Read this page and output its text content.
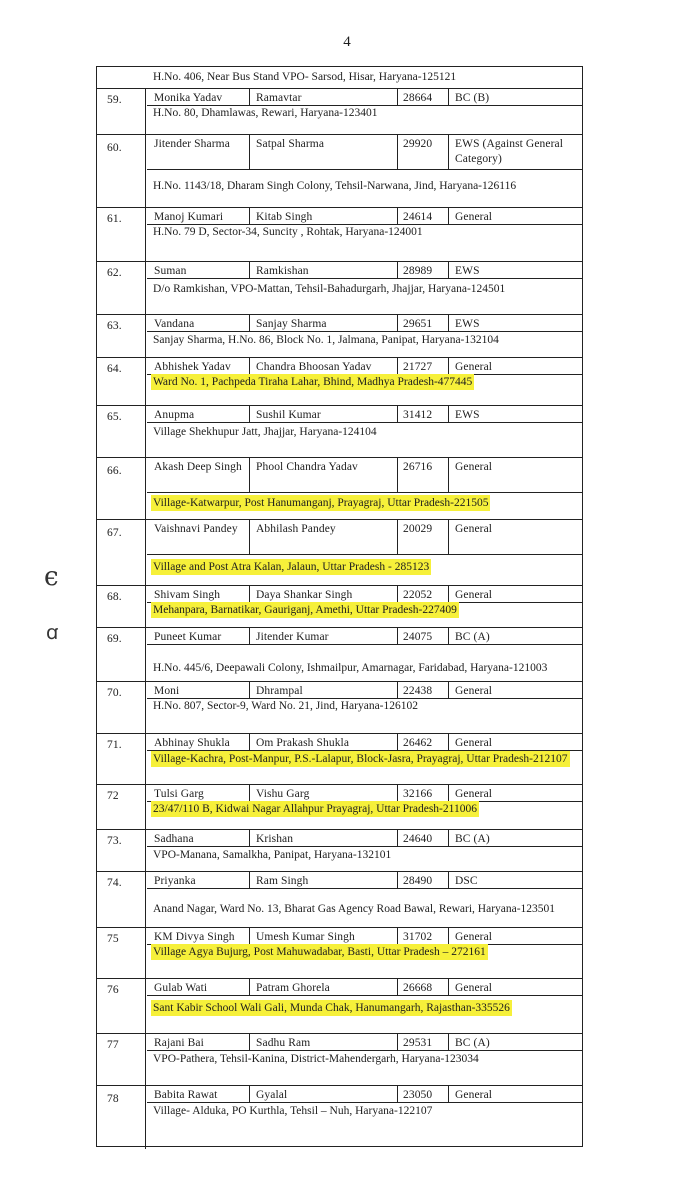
4
ϵ
ꭤ
H.No. 406, Near Bus Stand VPO- Sarsod, Hisar, Haryana-125121
59.	Monika Yadav	Ramavtar	28664 BC (B)
H.No. 80, Dhamlawas, Rewari, Haryana-123401
60.	Jitender Sharma	Satpal Sharma	29920 EWS (Against General Category)
H.No. 1143/18, Dharam Singh Colony, Tehsil-Narwana, Jind, Haryana-126116
61.	Manoj Kumari	Kitab Singh	24614 General
H.No. 79 D, Sector-34, Suncity , Rohtak, Haryana-124001
62.	Suman	Ramkishan	28989 EWS
D/o Ramkishan, VPO-Mattan, Tehsil-Bahadurgarh, Jhajjar, Haryana-124501
63.	Vandana	Sanjay Sharma	29651 EWS
Sanjay Sharma, H.No. 86, Block No. 1, Jalmana, Panipat, Haryana-132104
64.	Abhishek Yadav	Chandra Bhoosan Yadav	21727 General
Ward No. 1, Pachpeda Tiraha Lahar, Bhind, Madhya Pradesh-477445
65.	Anupma	Sushil Kumar	31412 EWS
Village Shekhupur Jatt, Jhajjar, Haryana-124104
66.	Akash Deep Singh	Phool Chandra Yadav	26716 General
Village-Katwarpur, Post Hanumanganj, Prayagraj, Uttar Pradesh-221505
67.	Vaishnavi Pandey	Abhilash Pandey	20029 General
Village and Post Atra Kalan, Jalaun, Uttar Pradesh - 285123
68.	Shivam Singh	Daya Shankar Singh	22052 General
Mehanpara, Barnatikar, Gauriganj, Amethi, Uttar Pradesh-227409
69.	Puneet Kumar	Jitender Kumar	24075 BC (A)
H.No. 445/6, Deepawali Colony, Ishmailpur, Amarnagar, Faridabad, Haryana-121003
70.	Moni	Dhrampal	22438 General
H.No. 807, Sector-9, Ward No. 21, Jind, Haryana-126102
71.	Abhinay Shukla	Om Prakash Shukla	26462 General
Village-Kachra, Post-Manpur, P.S.-Lalapur, Block-Jasra, Prayagraj, Uttar Pradesh-212107
72	Tulsi Garg	Vishu Garg	32166 General
23/47/110 B, Kidwai Nagar Allahpur Prayagraj, Uttar Pradesh-211006
73.	Sadhana	Krishan	24640 BC (A)
VPO-Manana, Samalkha, Panipat, Haryana-132101
74.	Priyanka	Ram Singh	28490 DSC
Anand Nagar, Ward No. 13, Bharat Gas Agency Road Bawal, Rewari, Haryana-123501
75	KM Divya Singh	Umesh Kumar Singh	31702 General
Village Agya Bujurg, Post Mahuwadabar, Basti, Uttar Pradesh – 272161
76	Gulab Wati	Patram Ghorela	26668 General
Sant Kabir School Wali Gali, Munda Chak, Hanumangarh, Rajasthan-335526
77	Rajani Bai	Sadhu Ram	29531 BC (A)
VPO-Pathera, Tehsil-Kanina, District-Mahendergarh, Haryana-123034
78	Babita Rawat	Gyalal	23050 General
Village- Alduka, PO Kurthla, Tehsil – Nuh, Haryana-122107
